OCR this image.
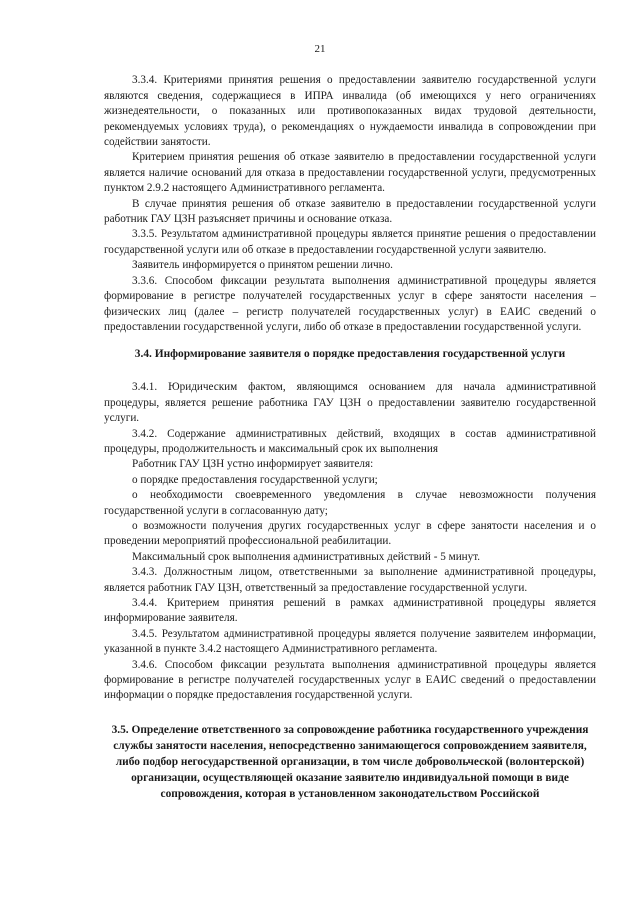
21

3.3.4. Критериями принятия решения о предоставлении заявителю государственной услуги являются сведения, содержащиеся в ИПРА инвалида (об имеющихся у него ограничениях жизнедеятельности, о показанных или противопоказанных видах трудовой деятельности, рекомендуемых условиях труда), о рекомендациях о нуждаемости инвалида в сопровождении при содействии занятости.

Критерием принятия решения об отказе заявителю в предоставлении государственной услуги является наличие оснований для отказа в предоставлении государственной услуги, предусмотренных пунктом 2.9.2 настоящего Административного регламента.

В случае принятия решения об отказе заявителю в предоставлении государственной услуги работник ГАУ ЦЗН разъясняет причины и основание отказа.

3.3.5. Результатом административной процедуры является принятие решения о предоставлении государственной услуги или об отказе в предоставлении государственной услуги заявителю.

Заявитель информируется о принятом решении лично.

3.3.6. Способом фиксации результата выполнения административной процедуры является формирование в регистре получателей государственных услуг в сфере занятости населения – физических лиц (далее – регистр получателей государственных услуг) в ЕАИС сведений о предоставлении государственной услуги, либо об отказе в предоставлении государственной услуги.

3.4. Информирование заявителя о порядке предоставления государственной услуги

3.4.1. Юридическим фактом, являющимся основанием для начала административной процедуры, является решение работника ГАУ ЦЗН о предоставлении заявителю государственной услуги.

3.4.2. Содержание административных действий, входящих в состав административной процедуры, продолжительность и максимальный срок их выполнения

Работник ГАУ ЦЗН устно информирует заявителя:

о порядке предоставления государственной услуги;

о необходимости своевременного уведомления в случае невозможности получения государственной услуги в согласованную дату;

о возможности получения других государственных услуг в сфере занятости населения и о проведении мероприятий профессиональной реабилитации.

Максимальный срок выполнения административных действий - 5 минут.

3.4.3. Должностным лицом, ответственными за выполнение административной процедуры, является работник ГАУ ЦЗН, ответственный за предоставление государственной услуги.

3.4.4. Критерием принятия решений в рамках административной процедуры является информирование заявителя.

3.4.5. Результатом административной процедуры является получение заявителем информации, указанной в пункте 3.4.2 настоящего Административного регламента.

3.4.6. Способом фиксации результата выполнения административной процедуры является формирование в регистре получателей государственных услуг в ЕАИС сведений о предоставлении информации о порядке предоставления государственной услуги.

3.5. Определение ответственного за сопровождение работника государственного учреждения службы занятости населения, непосредственно занимающегося сопровождением заявителя, либо подбор негосударственной организации, в том числе добровольческой (волонтерской) организации, осуществляющей оказание заявителю индивидуальной помощи в виде сопровождения, которая в установленном законодательством Российской
